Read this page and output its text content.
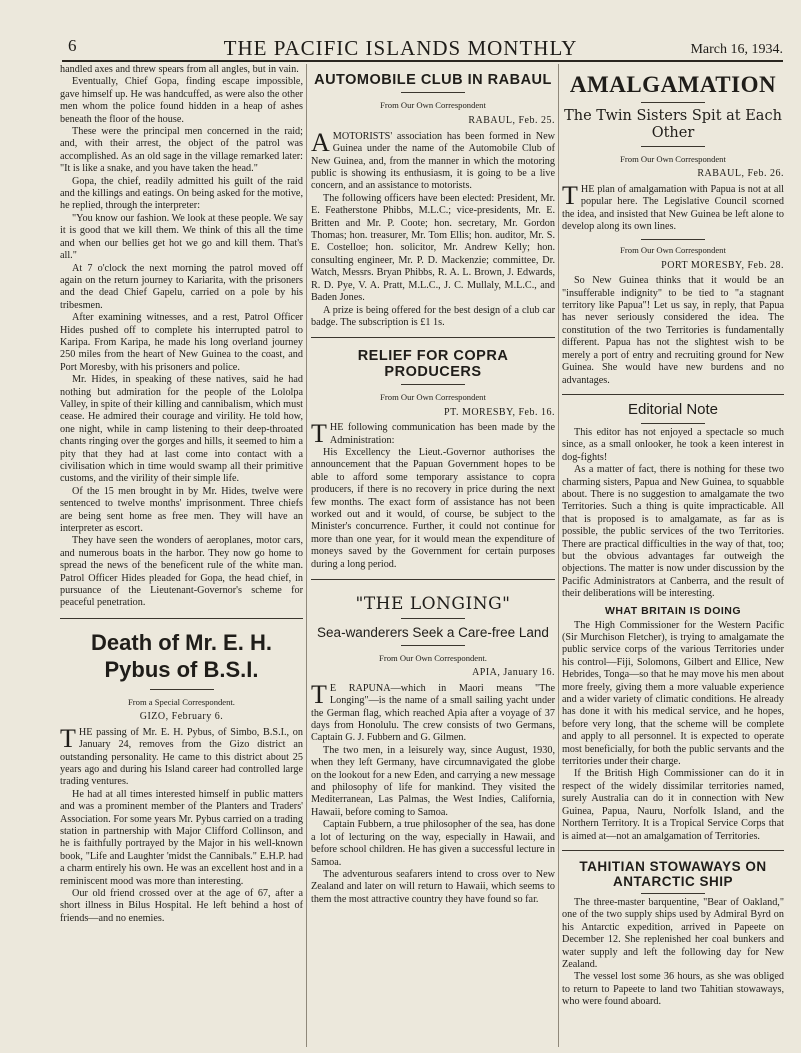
6	THE PACIFIC ISLANDS MONTHLY	March 16, 1934.

handled axes and threw spears from all angles, but in vain.

Eventually, Chief Gopa, finding escape impossible, gave himself up. He was handcuffed, as were also the other men whom the police found hidden in a heap of ashes beneath the floor of the house.

These were the principal men concerned in the raid; and, with their arrest, the object of the patrol was accomplished. As an old sage in the village remarked later: "It is like a snake, and you have taken the head."

Gopa, the chief, readily admitted his guilt of the raid and the killings and eatings. On being asked for the motive, he replied, through the interpreter:

"You know our fashion. We look at these people. We say it is good that we kill them. We think of this all the time and when our bellies get hot we go and kill them. That's all."

At 7 o'clock the next morning the patrol moved off again on the return journey to Kariarita, with the prisoners and the dead Chief Gapelu, carried on a pole by his tribesmen.

After examining witnesses, and a rest, Patrol Officer Hides pushed off to complete his interrupted patrol to Karipa. From Karipa, he made his long overland journey 250 miles from the heart of New Guinea to the coast, and Port Moresby, with his prisoners and police.

Mr. Hides, in speaking of these natives, said he had nothing but admiration for the people of the Lololpa Valley, in spite of their killing and cannibalism, which must cease. He admired their courage and virility. He told how, one night, while in camp listening to their deep-throated chants ringing over the gorges and hills, it seemed to him a pity that they had at last come into contact with a civilisation which in time would swamp all their primitive customs, and the virility of their simple life.

Of the 15 men brought in by Mr. Hides, twelve were sentenced to twelve months' imprisonment. Three chiefs are being sent home as free men. They will have an interpreter as escort.

They have seen the wonders of aeroplanes, motor cars, and numerous boats in the harbor. They now go home to spread the news of the beneficent rule of the white man. Patrol Officer Hides pleaded for Gopa, the head chief, in pursuance of the Lieutenant-Governor's scheme for peaceful penetration.

Death of Mr. E. H. Pybus of B.S.I.

From a Special Correspondent.

GIZO, February 6.

THE passing of Mr. E. H. Pybus, of Simbo, B.S.I., on January 24, removes from the Gizo district an outstanding personality. He came to this district about 25 years ago and during his Island career had controlled large trading ventures.

He had at all times interested himself in public matters and was a prominent member of the Planters and Traders' Association. For some years Mr. Pybus carried on a trading station in partnership with Major Clifford Collinson, and he is faithfully portrayed by the Major in his well-known book, "Life and Laughter 'midst the Cannibals." E.H.P. had a charm entirely his own. He was an excellent host and in a reminiscent mood was more than interesting.

Our old friend crossed over at the age of 67, after a short illness in Bilus Hospital. He left behind a host of friends—and no enemies.

AUTOMOBILE CLUB IN RABAUL

From Our Own Correspondent

RABAUL, Feb. 25.

AMOTORISTS' association has been formed in New Guinea under the name of the Automobile Club of New Guinea, and, from the manner in which the motoring public is showing its enthusiasm, it is going to be a live concern, and an assistance to motorists.

The following officers have been elected: President, Mr. E. Featherstone Phibbs, M.L.C.; vice-presidents, Mr. E. Britten and Mr. P. Coote; hon. secretary, Mr. Gordon Thomas; hon. treasurer, Mr. Tom Ellis; hon. auditor, Mr. S. E. Costelloe; hon. solicitor, Mr. Andrew Kelly; hon. consulting engineer, Mr. P. D. Mackenzie; committee, Dr. Watch, Messrs. Bryan Phibbs, R. A. L. Brown, J. Edwards, R. D. Pye, V. A. Pratt, M.L.C., J. C. Mullaly, M.L.C., and Baden Jones.

A prize is being offered for the best design of a club car badge. The subscription is £1 1s.

RELIEF FOR COPRA PRODUCERS

From Our Own Correspondent

PT. MORESBY, Feb. 16.

THE following communication has been made by the Administration:

His Excellency the Lieut.-Governor authorises the announcement that the Papuan Government hopes to be able to afford some temporary assistance to copra producers, if there is no recovery in price during the next few months. The exact form of assistance has not been worked out and it would, of course, be subject to the Minister's concurrence. Further, it could not continue for more than one year, for it would mean the expenditure of moneys saved by the Government for certain purposes during a long period.

"THE LONGING"
Sea-wanderers Seek a Care-free Land

From Our Own Correspondent.

APIA, January 16.

T E RAPUNA—which in Maori means "The Longing"—is the name of a small sailing yacht under the German flag, which reached Apia after a voyage of 37 days from Honolulu. The crew consists of two Germans, Captain G. J. Fubbern and G. Gilmen.

The two men, in a leisurely way, since August, 1930, when they left Germany, have circumnavigated the globe on the lookout for a new Eden, and carrying a new message and philosophy of life for mankind. They visited the Mediterranean, Las Palmas, the West Indies, California, Hawaii, before coming to Samoa.

Captain Fubbern, a true philosopher of the sea, has done a lot of lecturing on the way, especially in Hawaii, and before school children. He has given a successful lecture in Samoa.

The adventurous seafarers intend to cross over to New Zealand and later on will return to Hawaii, which seems to them the most attractive country they have found so far.

AMALGAMATION
The Twin Sisters Spit at Each Other

From Our Own Correspondent

RABAUL, Feb. 26.

THE plan of amalgamation with Papua is not at all popular here. The Legislative Council scorned the idea, and insisted that New Guinea be left alone to develop along its own lines.

From Our Own Correspondent

PORT MORESBY, Feb. 28.

So New Guinea thinks that it would be an "insufferable indignity" to be tied to "a stagnant territory like Papua"! Let us say, in reply, that Papua has never seriously considered the idea. The constitution of the two Territories is fundamentally different. Papua has not the slightest wish to be merely a port of entry and recruiting ground for New Guinea. She would have new burdens and no advantages.

Editorial Note

This editor has not enjoyed a spectacle so much since, as a small onlooker, he took a keen interest in dog-fights!

As a matter of fact, there is nothing for these two charming sisters, Papua and New Guinea, to squabble about. There is no suggestion to amalgamate the two Territories. Such a thing is quite impracticable. All that is proposed is to amalgamate, as far as is possible, the public services of the two Territories. There are practical difficulties in the way of that, too; but the obvious advantages far outweigh the objections. The matter is now under discussion by the Pacific Administrators at Canberra, and the result of their deliberations will be interesting.

WHAT BRITAIN IS DOING

The High Commissioner for the Western Pacific (Sir Murchison Fletcher), is trying to amalgamate the public service corps of the various Territories under his control—Fiji, Solomons, Gilbert and Ellice, New Hebrides, Tonga—so that he may move his men about more freely, giving them a more valuable experience and a wider variety of climatic conditions. He already has done it with his medical service, and he hopes, before very long, that the scheme will be complete and apply to all personnel. It is expected to operate most beneficially, for both the public servants and the territories under their charge.

If the British High Commissioner can do it in respect of the widely dissimilar territories named, surely Australia can do it in connection with New Guinea, Papua, Nauru, Norfolk Island, and the Northern Territory. It is a Tropical Service Corps that is aimed at—not an amalgamation of Territories.

TAHITIAN STOWAWAYS ON ANTARCTIC SHIP

The three-master barquentine, "Bear of Oakland," one of the two supply ships used by Admiral Byrd on his Antarctic expedition, arrived in Papeete on December 12. She replenished her coal bunkers and water supply and left the following day for New Zealand.

The vessel lost some 36 hours, as she was obliged to return to Papeete to land two Tahitian stowaways, who were found aboard.
